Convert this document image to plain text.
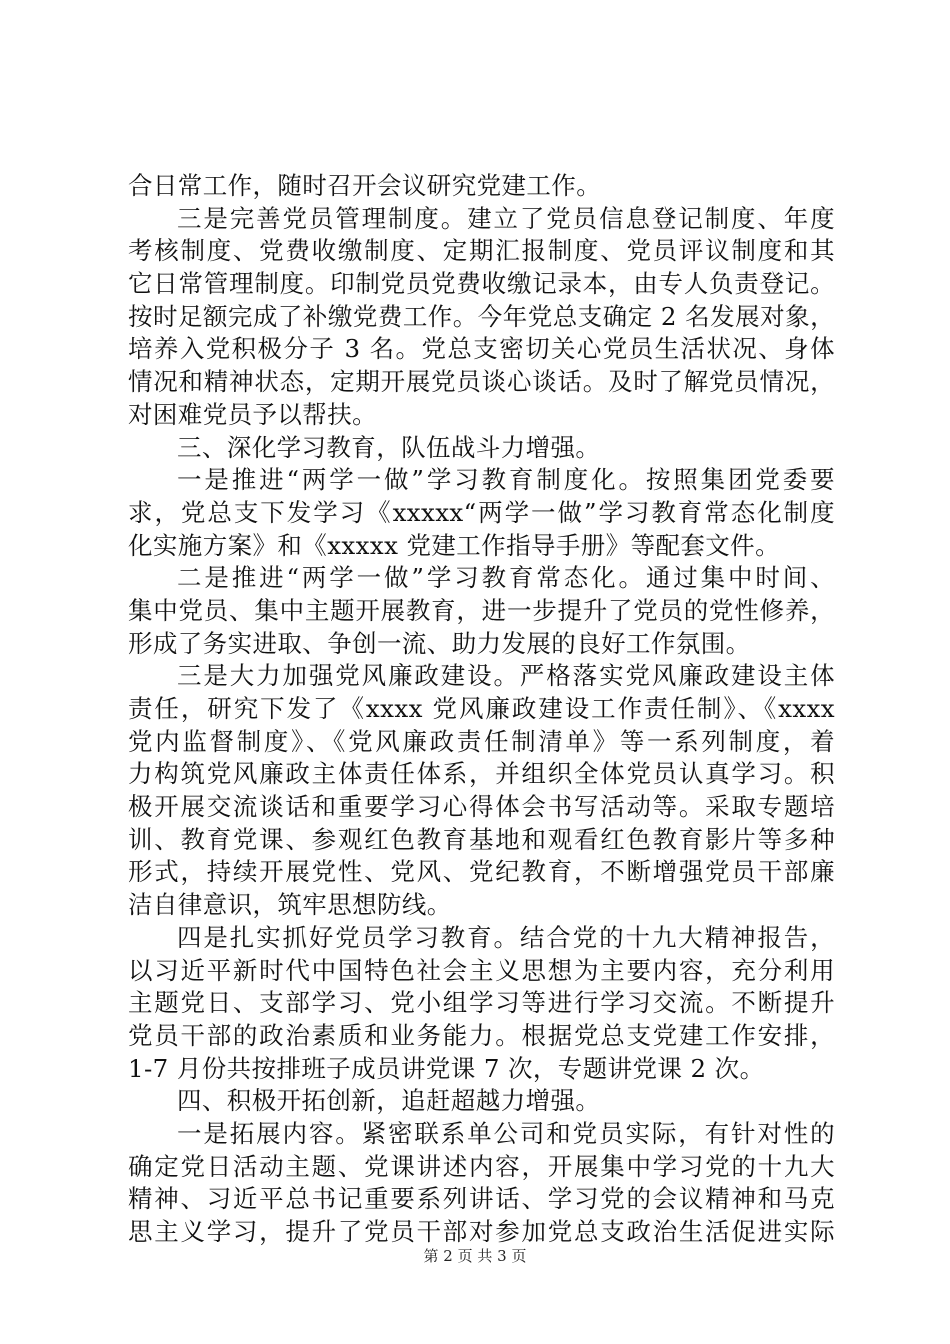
合日常工作，随时召开会议研究党建工作。
三是完善党员管理制度。建立了党员信息登记制度、年度
考核制度、党费收缴制度、定期汇报制度、党员评议制度和其
它日常管理制度。印制党员党费收缴记录本，由专人负责登记。
按时足额完成了补缴党费工作。今年党总支确定 2 名发展对象，
培养入党积极分子 3 名。党总支密切关心党员生活状况、身体
情况和精神状态，定期开展党员谈心谈话。及时了解党员情况，
对困难党员予以帮扶。
三、深化学习教育，队伍战斗力增强。
一是推进“两学一做”学习教育制度化。按照集团党委要
求，党总支下发学习《xxxxx“两学一做”学习教育常态化制度
化实施方案》和《xxxxx 党建工作指导手册》等配套文件。
二是推进“两学一做”学习教育常态化。通过集中时间、
集中党员、集中主题开展教育，进一步提升了党员的党性修养，
形成了务实进取、争创一流、助力发展的良好工作氛围。
三是大力加强党风廉政建设。严格落实党风廉政建设主体
责任，研究下发了《xxxx 党风廉政建设工作责任制》、《xxxx
党内监督制度》、《党风廉政责任制清单》等一系列制度，着
力构筑党风廉政主体责任体系，并组织全体党员认真学习。积
极开展交流谈话和重要学习心得体会书写活动等。采取专题培
训、教育党课、参观红色教育基地和观看红色教育影片等多种
形式，持续开展党性、党风、党纪教育，不断增强党员干部廉
洁自律意识，筑牢思想防线。
四是扎实抓好党员学习教育。结合党的十九大精神报告，
以习近平新时代中国特色社会主义思想为主要内容，充分利用
主题党日、支部学习、党小组学习等进行学习交流。不断提升
党员干部的政治素质和业务能力。根据党总支党建工作安排，
1-7 月份共按排班子成员讲党课 7 次，专题讲党课 2 次。
四、积极开拓创新，追赶超越力增强。
一是拓展内容。紧密联系单公司和党员实际，有针对性的
确定党日活动主题、党课讲述内容，开展集中学习党的十九大
精神、习近平总书记重要系列讲话、学习党的会议精神和马克
思主义学习，提升了党员干部对参加党总支政治生活促进实际
第 2 页 共 3 页
